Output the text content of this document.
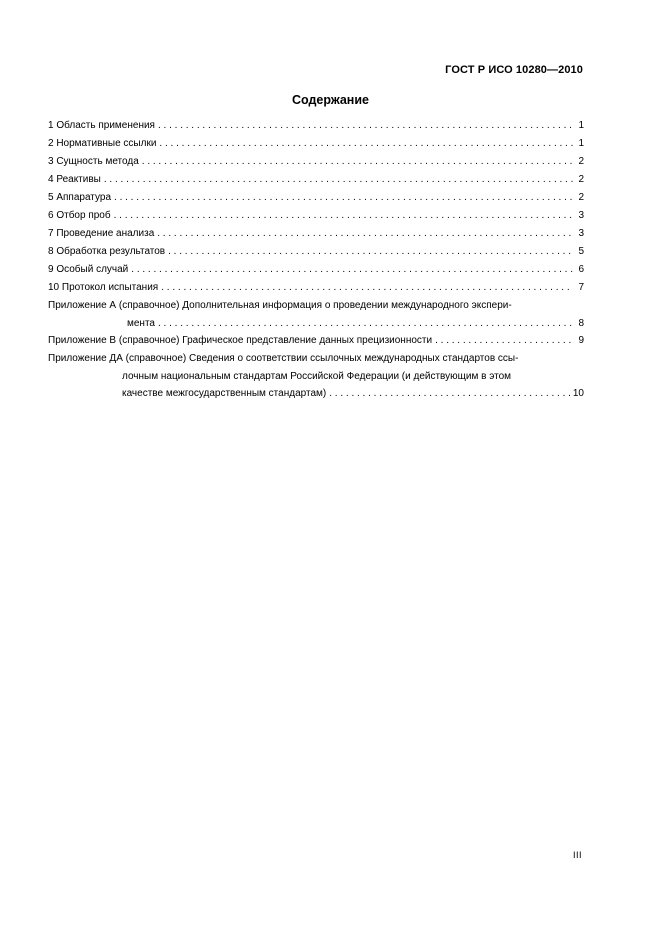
ГОСТ Р ИСО 10280—2010
Содержание
1 Область применения . . .	1
2 Нормативные ссылки . . .	1
3 Сущность метода . . .	2
4 Реактивы . . .	2
5 Аппаратура . . .	2
6 Отбор проб . . .	3
7 Проведение анализа . . .	3
8 Обработка результатов . . .	5
9 Особый случай . . .	6
10 Протокол испытания . . .	7
Приложение А (справочное) Дополнительная информация о проведении международного экспери-
мента . . .	8
Приложение В (справочное) Графическое представление данных прецизионности . . .	9
Приложение ДА (справочное) Сведения о соответствии ссылочных международных стандартов ссы-
лочным национальным стандартам Российской Федерации (и действующим в этом
качестве межгосударственным стандартам) . . .	10
III
